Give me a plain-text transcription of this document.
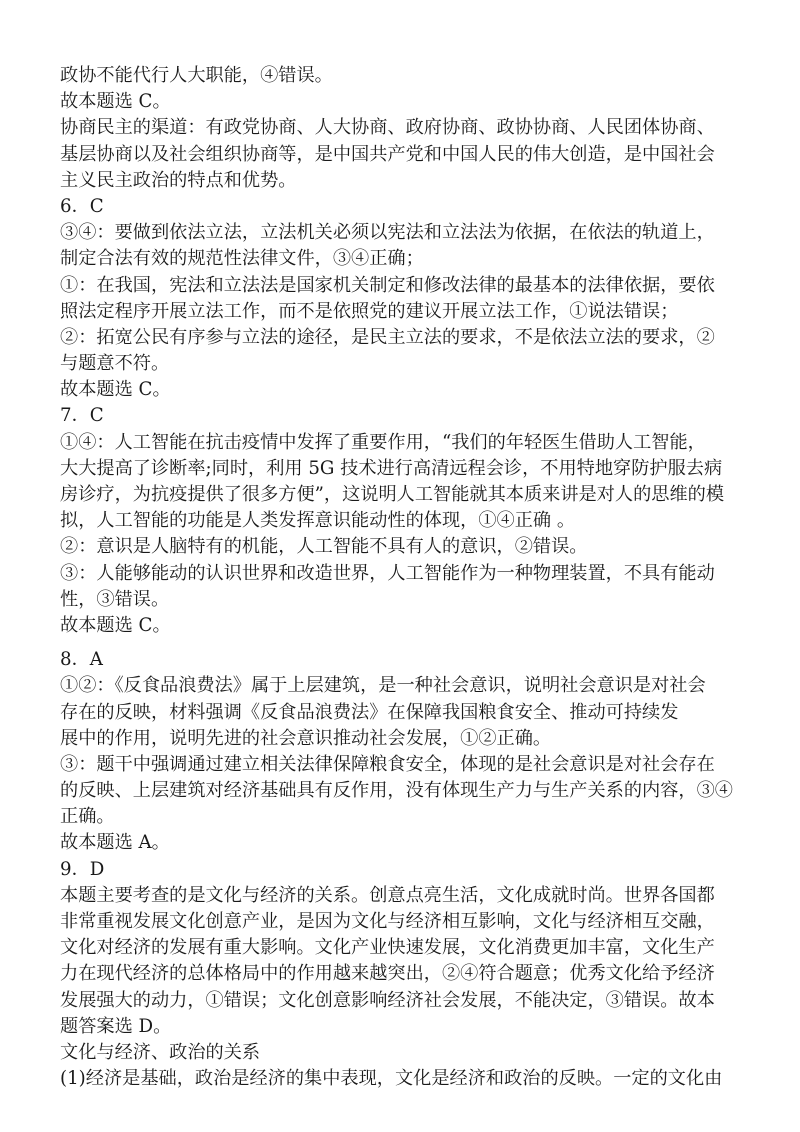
政协不能代行人大职能，④错误。
故本题选 C。
协商民主的渠道：有政党协商、人大协商、政府协商、政协协商、人民团体协商、
基层协商以及社会组织协商等，是中国共产党和中国人民的伟大创造，是中国社会
主义民主政治的特点和优势。
6．C
③④：要做到依法立法，立法机关必须以宪法和立法法为依据，在依法的轨道上，
制定合法有效的规范性法律文件，③④正确；
①：在我国，宪法和立法法是国家机关制定和修改法律的最基本的法律依据，要依
照法定程序开展立法工作，而不是依照党的建议开展立法工作，①说法错误；
②：拓宽公民有序参与立法的途径，是民主立法的要求，不是依法立法的要求，②
与题意不符。
故本题选 C。
7．C
①④：人工智能在抗击疫情中发挥了重要作用，“我们的年轻医生借助人工智能，
大大提高了诊断率;同时，利用 5G 技术进行高清远程会诊，不用特地穿防护服去病
房诊疗，为抗疫提供了很多方便”，这说明人工智能就其本质来讲是对人的思维的模
拟，人工智能的功能是人类发挥意识能动性的体现，①④正确 。
②：意识是人脑特有的机能，人工智能不具有人的意识，②错误。
③：人能够能动的认识世界和改造世界，人工智能作为一种物理装置，不具有能动
性，③错误。
故本题选 C。
8．A
①②：《反食品浪费法》属于上层建筑，是一种社会意识，说明社会意识是对社会
存在的反映，材料强调《反食品浪费法》在保障我国粮食安全、推动可持续发
展中的作用，说明先进的社会意识推动社会发展，①②正确。
③：题干中强调通过建立相关法律保障粮食安全，体现的是社会意识是对社会存在
的反映、上层建筑对经济基础具有反作用，没有体现生产力与生产关系的内容，③④
正确。
故本题选 A。
9．D
本题主要考查的是文化与经济的关系。创意点亮生活，文化成就时尚。世界各国都
非常重视发展文化创意产业，是因为文化与经济相互影响，文化与经济相互交融，
文化对经济的发展有重大影响。文化产业快速发展，文化消费更加丰富，文化生产
力在现代经济的总体格局中的作用越来越突出，②④符合题意；优秀文化给予经济
发展强大的动力，①错误；文化创意影响经济社会发展，不能决定，③错误。故本
题答案选 D。
文化与经济、政治的关系
(1)经济是基础，政治是经济的集中表现，文化是经济和政治的反映。一定的文化由
